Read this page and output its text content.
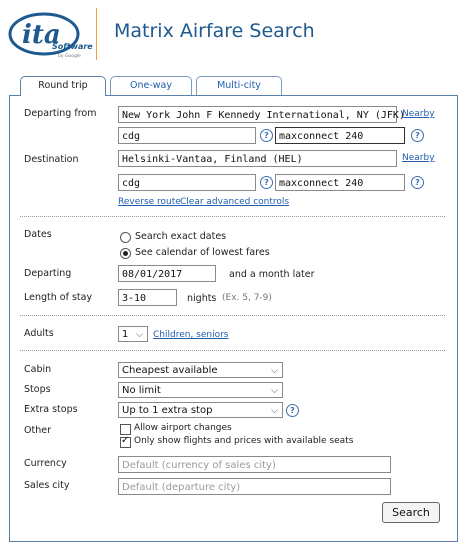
ita
Software
by Google
Matrix Airfare Search
Round trip	One-way	Multi-city
Departing from	New York John F Kennedy International, NY (JFK)
Nearby
cdg	?	maxconnect 240	?
Destination	Helsinki-Vantaa, Finland (HEL)	Nearby
cdg	?	maxconnect 240	?
Reverse route Clear advanced controls
Dates	Search exact dates
See calendar of lowest fares
Departing	08/01/2017	and a month later
Length of stay	3-10	nights (Ex. 5, 7-9)
Adults	1 ⌵ Children, seniors
Cabin	Cheapest available	⌵
Stops	No limit	⌵
Extra stops	Up to 1 extra stop	⌵	?
Other	Allow airport changes
✓
Only show flights and prices with available seats
Currency	Default (currency of sales city)
Sales city	Default (departure city)
Search
